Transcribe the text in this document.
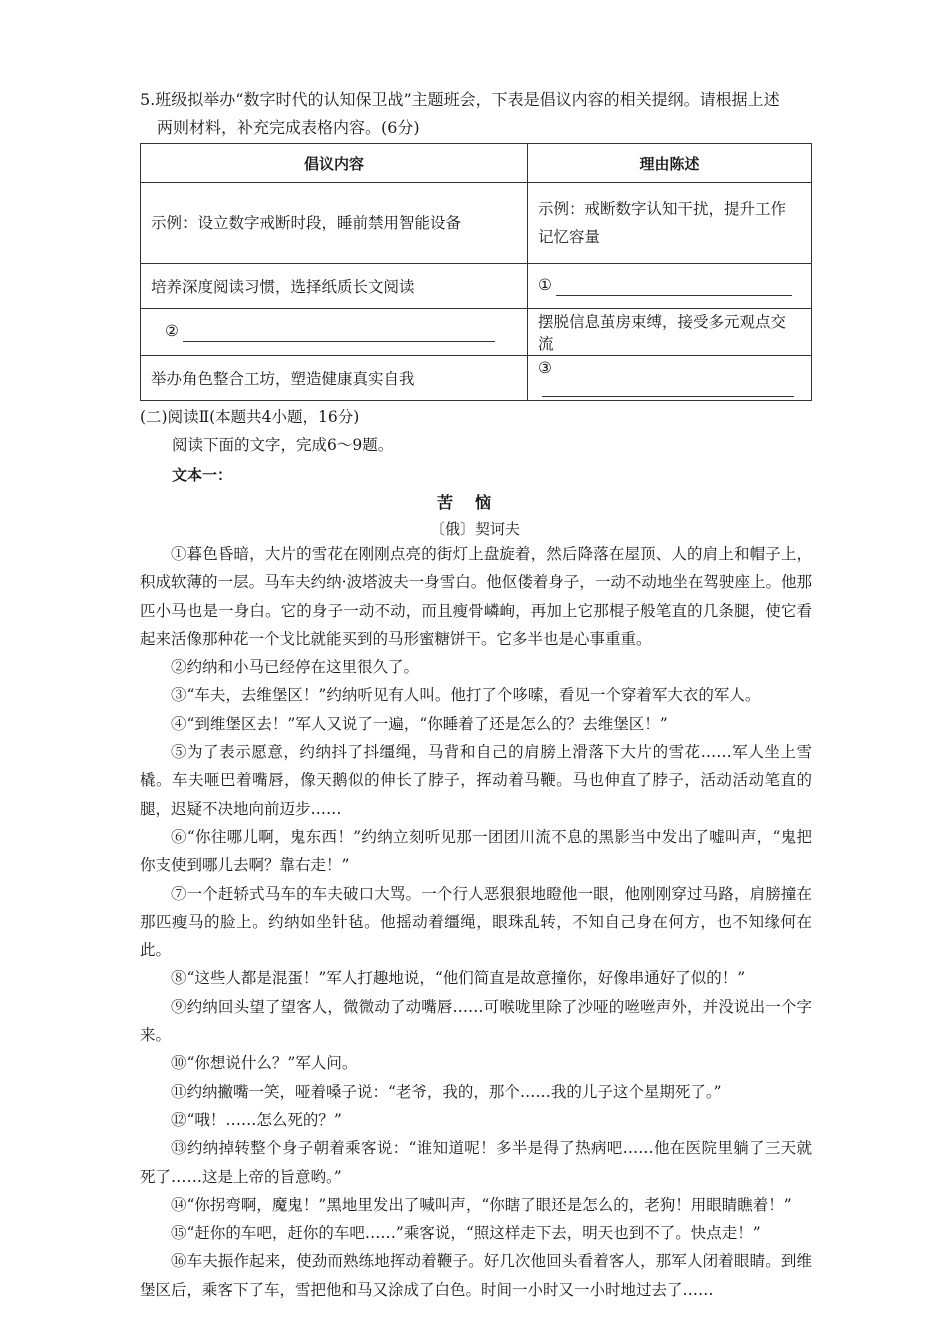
5.班级拟举办“数字时代的认知保卫战”主题班会，下表是倡议内容的相关提纲。请根据上述
两则材料，补充完成表格内容。(6分)
倡议内容	理由陈述
示例：设立数字戒断时段，睡前禁用智能设备	示例：戒断数字认知干扰，提升工作记忆容量
培养深度阅读习惯，选择纸质长文阅读	①
②	摆脱信息茧房束缚，接受多元观点交流
举办角色整合工坊，塑造健康真实自我	③
(二)阅读Ⅱ(本题共4小题，16分)
阅读下面的文字，完成6～9题。
文本一：
苦恼
〔俄〕契诃夫

①暮色昏暗，大片的雪花在刚刚点亮的街灯上盘旋着，然后降落在屋顶、人的肩上和帽子上，积成软薄的一层。马车夫约纳·波塔波夫一身雪白。他伛偻着身子，一动不动地坐在驾驶座上。他那匹小马也是一身白。它的身子一动不动，而且瘦骨嶙峋，再加上它那棍子般笔直的几条腿，使它看起来活像那种花一个戈比就能买到的马形蜜糖饼干。它多半也是心事重重。

②约纳和小马已经停在这里很久了。

③“车夫，去维堡区！”约纳听见有人叫。他打了个哆嗦，看见一个穿着军大衣的军人。

④“到维堡区去！”军人又说了一遍，“你睡着了还是怎么的？去维堡区！”

⑤为了表示愿意，约纳抖了抖缰绳，马背和自己的肩膀上滑落下大片的雪花……军人坐上雪橇。车夫咂巴着嘴唇，像天鹅似的伸长了脖子，挥动着马鞭。马也伸直了脖子，活动活动笔直的腿，迟疑不决地向前迈步……

⑥“你往哪儿啊，鬼东西！”约纳立刻听见那一团团川流不息的黑影当中发出了嘘叫声，“鬼把你支使到哪儿去啊？靠右走！”

⑦一个赶轿式马车的车夫破口大骂。一个行人恶狠狠地瞪他一眼，他刚刚穿过马路，肩膀撞在那匹瘦马的脸上。约纳如坐针毡。他摇动着缰绳，眼珠乱转，不知自己身在何方，也不知缘何在此。

⑧“这些人都是混蛋！”军人打趣地说，“他们简直是故意撞你，好像串通好了似的！”

⑨约纳回头望了望客人，微微动了动嘴唇……可喉咙里除了沙哑的咝咝声外，并没说出一个字来。

⑩“你想说什么？”军人问。

⑪约纳撇嘴一笑，哑着嗓子说：“老爷，我的，那个……我的儿子这个星期死了。”

⑫“哦！……怎么死的？”

⑬约纳掉转整个身子朝着乘客说：“谁知道呢！多半是得了热病吧……他在医院里躺了三天就死了……这是上帝的旨意哟。”

⑭“你拐弯啊，魔鬼！”黑地里发出了喊叫声，“你瞎了眼还是怎么的，老狗！用眼睛瞧着！”

⑮“赶你的车吧，赶你的车吧……”乘客说，“照这样走下去，明天也到不了。快点走！”

⑯车夫振作起来，使劲而熟练地挥动着鞭子。好几次他回头看着客人，那军人闭着眼睛。到维堡区后，乘客下了车，雪把他和马又涂成了白色。时间一小时又一小时地过去了……
